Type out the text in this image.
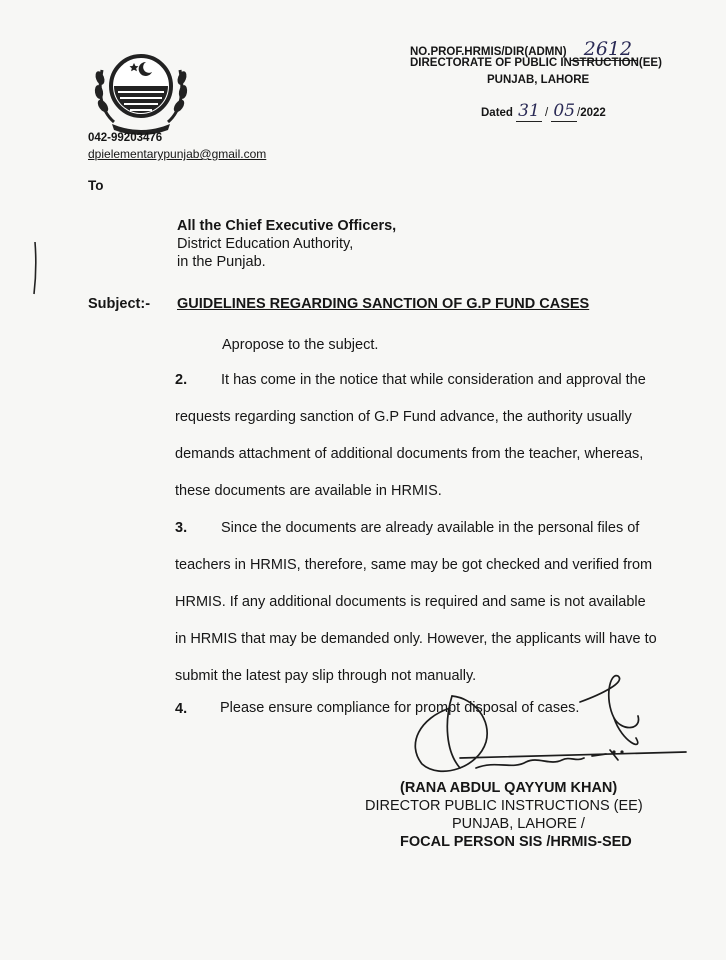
NO.PROF.HRMIS/DIR(ADMN) 2612
DIRECTORATE OF PUBLIC INSTRUCTION(EE)
PUNJAB, LAHORE
Dated 31 / 05 /2022
042-99203476
dpielementarypunjab@gmail.com
To
All the Chief Executive Officers,
District Education Authority,
in the Punjab.
Subject:- GUIDELINES REGARDING SANCTION OF G.P FUND CASES
Apropose to the subject.
2. It has come in the notice that while consideration and approval the
requests regarding sanction of G.P Fund advance, the authority usually
demands attachment of additional documents from the teacher, whereas,
these documents are available in HRMIS.
3. Since the documents are already available in the personal files of
teachers in HRMIS, therefore, same may be got checked and verified from
HRMIS. If any additional documents is required and same is not available
in HRMIS that may be demanded only. However, the applicants will have to
submit the latest pay slip through not manually.
4. Please ensure compliance for prompt disposal of cases.
(RANA ABDUL QAYYUM KHAN)
DIRECTOR PUBLIC INSTRUCTIONS (EE)
PUNJAB, LAHORE /
FOCAL PERSON SIS /HRMIS-SED
